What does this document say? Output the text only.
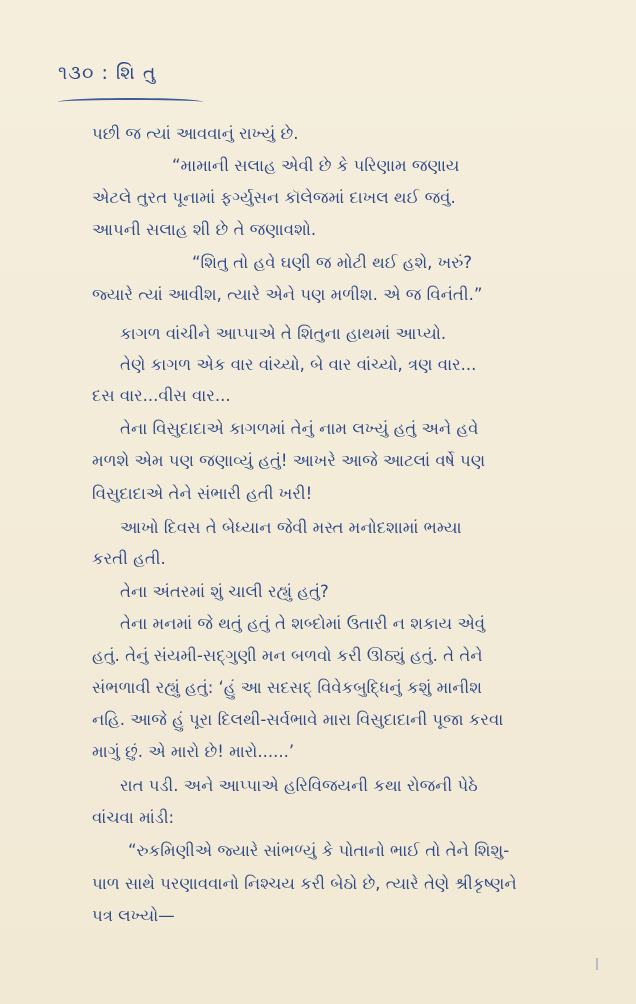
૧૩૦ : શિ તુ
પછી જ ત્યાં આવવાનું રાખ્યું છે.
“મામાની સલાહ એવી છે કે પરિણામ જણાય
એટલે તુરત પૂનામાં ફર્ગ્યુસન કૉલેજમાં દાખલ થઈ જવું.
આપની સલાહ શી છે તે જણાવશો.
“શિતુ તો હવે ઘણી જ મોટી થઈ હશે, ખરું?
જ્યારે ત્યાં આવીશ, ત્યારે એને પણ મળીશ. એ જ વિનંતી.”
કાગળ વાંચીને આપ્પાએ તે શિતુના હાથમાં આપ્યો.
તેણે કાગળ એક વાર વાંચ્યો, બે વાર વાંચ્યો, ત્રણ વાર...
દસ વાર...વીસ વાર...
તેના વિસુદાદાએ કાગળમાં તેનું નામ લખ્યું હતું અને હવે
મળશે એમ પણ જણાવ્યું હતું! આખરે આજે આટલાં વર્ષે પણ
વિસુદાદાએ તેને સંભારી હતી ખરી!
આખો દિવસ તે બેધ્યાન જેવી મસ્ત મનોદશામાં ભમ્યા
કરતી હતી.
તેના અંતરમાં શું ચાલી રહ્યું હતું?
તેના મનમાં જે થતું હતું તે શબ્દોમાં ઉતારી ન શકાય એવું
હતું. તેનું સંયમી-સદ્ગુણી મન બળવો કરી ઊઠ્યું હતું. તે તેને
સંભળાવી રહ્યું હતું: ‘હું આ સદસદ્ વિવેકબુદ્ધિનું કશું માનીશ
નહિ. આજે હું પૂરા દિલથી-સર્વભાવે મારા વિસુદાદાની પૂજા કરવા
માગું છું. એ મારો છે! મારો......’
રાત પડી. અને આપ્પાએ હરિવિજયની કથા રોજની પેઠે
વાંચવા માંડી:
“રુકમિણીએ જ્યારે સાંભળ્યું કે પોતાનો ભાઈ તો તેને શિશુ-
પાળ સાથે પરણાવવાનો નિશ્ચય કરી બેઠો છે, ત્યારે તેણે શ્રીકૃષ્ણને
પત્ર લખ્યો—
